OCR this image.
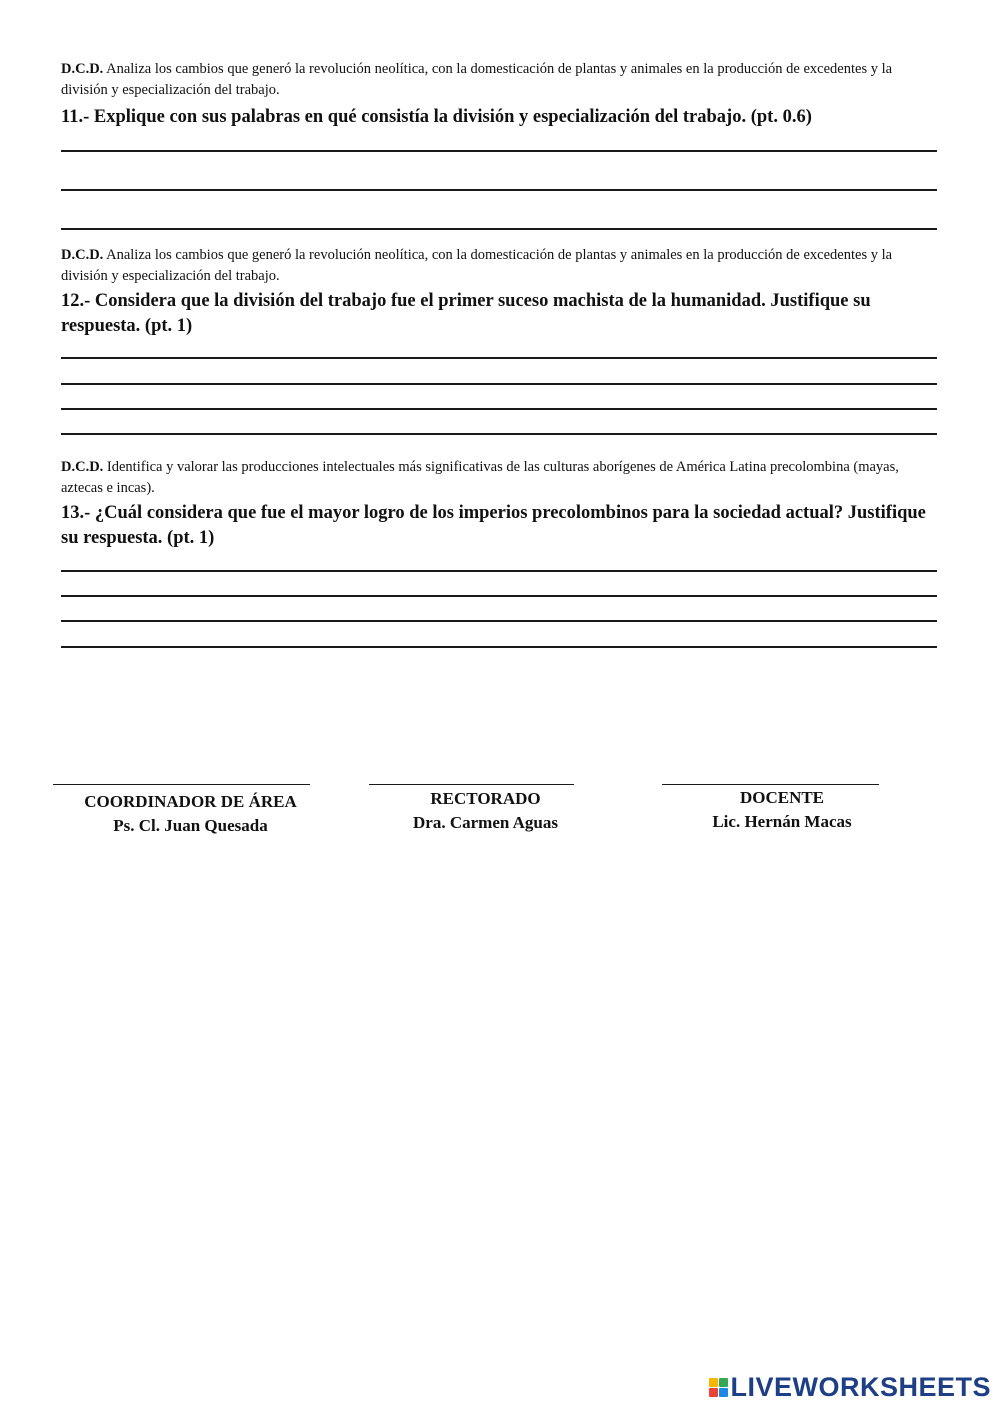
D.C.D. Analiza los cambios que generó la revolución neolítica, con la domesticación de plantas y animales en la producción de excedentes y la división y especialización del trabajo.

11.- Explique con sus palabras en qué consistía la división y especialización del trabajo. (pt. 0.6)

D.C.D. Analiza los cambios que generó la revolución neolítica, con la domesticación de plantas y animales en la producción de excedentes y la división y especialización del trabajo.

12.- Considera que la división del trabajo fue el primer suceso machista de la humanidad. Justifique su respuesta. (pt. 1)

D.C.D. Identifica y valorar las producciones intelectuales más significativas de las culturas aborígenes de América Latina precolombina (mayas, aztecas e incas).

13.- ¿Cuál considera que fue el mayor logro de los imperios precolombinos para la sociedad actual? Justifique su respuesta. (pt. 1)

COORDINADOR DE ÁREA
Ps. Cl. Juan Quesada
RECTORADO
Dra. Carmen Aguas
DOCENTE
Lic. Hernán Macas
LIVEWORKSHEETS
